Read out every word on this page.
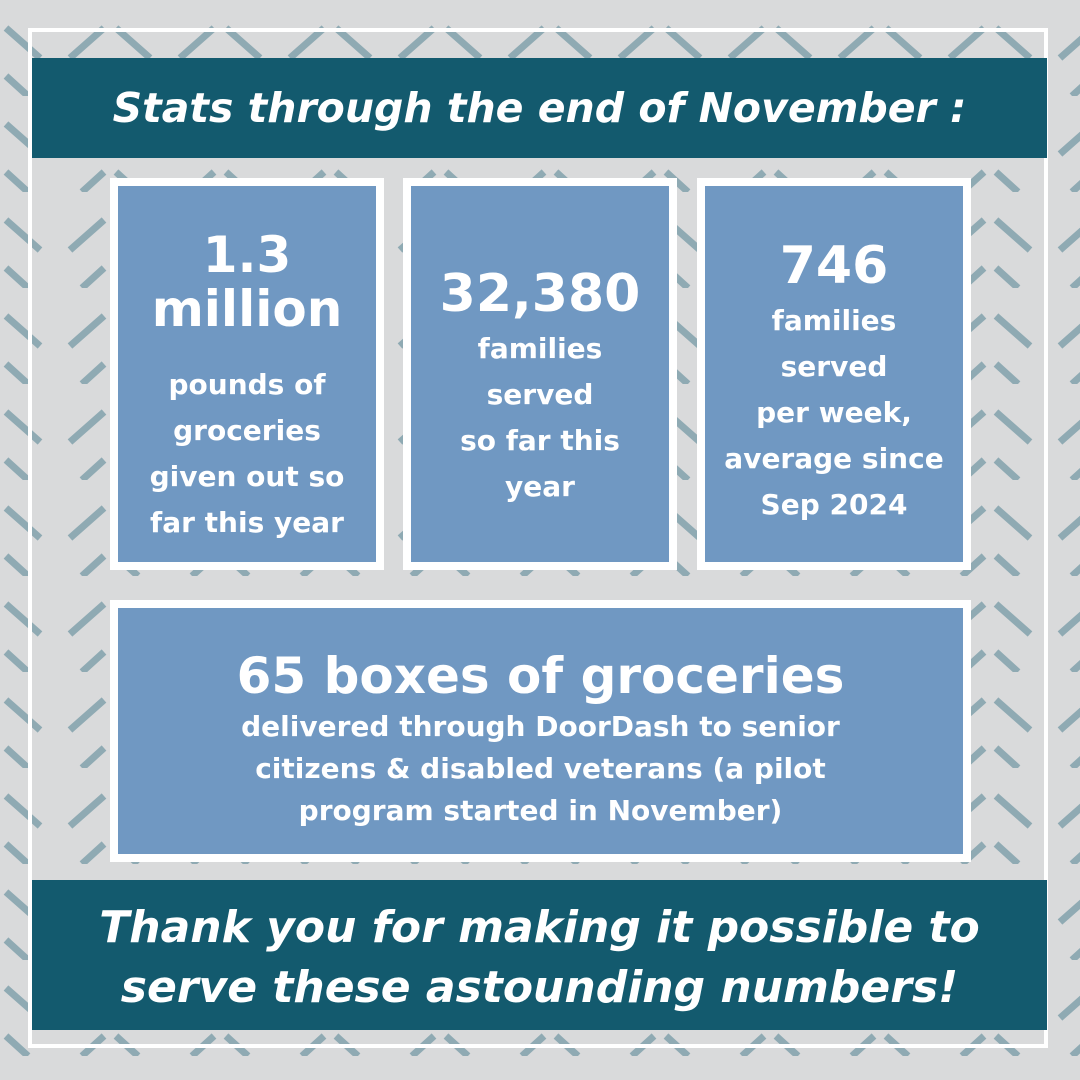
Stats through the end of November :
1.3
million
pounds of
groceries
given out so
far this year
32,380
families
served
so far this
year
746
families
served
per week,
average since
Sep 2024
65 boxes of groceries
delivered through DoorDash to senior
citizens & disabled veterans (a pilot
program started in November)
Thank you for making it possible to serve these astounding numbers!
